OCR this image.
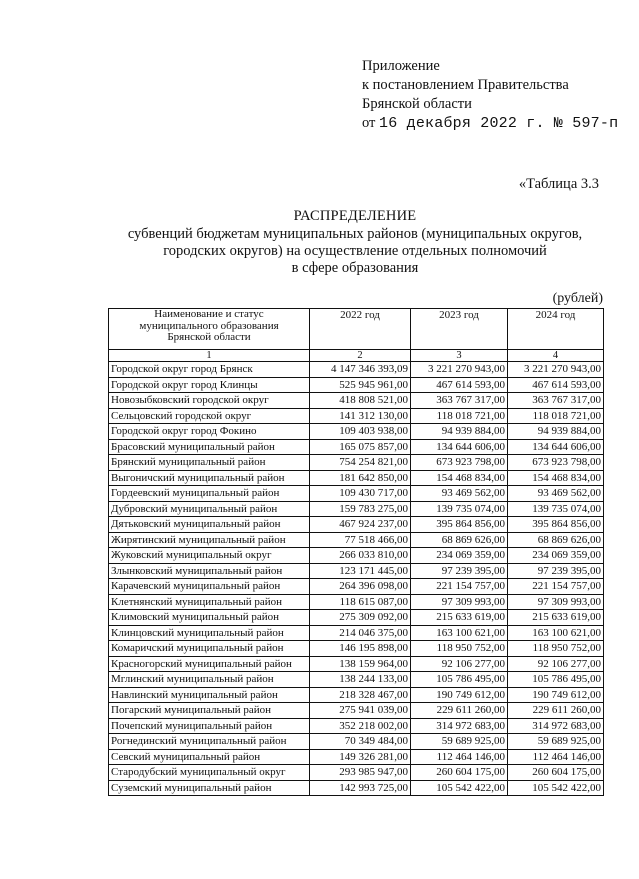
Приложение
к постановлением Правительства
Брянской области
от 16 декабря 2022 г. № 597-п
«Таблица 3.3
РАСПРЕДЕЛЕНИЕ
субвенций бюджетам муниципальных районов (муниципальных округов,
городских округов) на осуществление отдельных полномочий
в сфере образования
(рублей)
Наименование и статус
муниципального образования
Брянской области	2022 год	2023 год	2024 год
1	2	3	4
Городской округ город Брянск	4 147 346 393,09	3 221 270 943,00	3 221 270 943,00
Городской округ город Клинцы	525 945 961,00	467 614 593,00	467 614 593,00
Новозыбковский городской округ	418 808 521,00	363 767 317,00	363 767 317,00
Сельцовский городской округ	141 312 130,00	118 018 721,00	118 018 721,00
Городской округ город Фокино	109 403 938,00	94 939 884,00	94 939 884,00
Брасовский муниципальный район	165 075 857,00	134 644 606,00	134 644 606,00
Брянский муниципальный район	754 254 821,00	673 923 798,00	673 923 798,00
Выгоничский муниципальный район	181 642 850,00	154 468 834,00	154 468 834,00
Гордеевский муниципальный район	109 430 717,00	93 469 562,00	93 469 562,00
Дубровский муниципальный район	159 783 275,00	139 735 074,00	139 735 074,00
Дятьковский муниципальный район	467 924 237,00	395 864 856,00	395 864 856,00
Жирятинский муниципальный район	77 518 466,00	68 869 626,00	68 869 626,00
Жуковский муниципальный округ	266 033 810,00	234 069 359,00	234 069 359,00
Злынковский муниципальный район	123 171 445,00	97 239 395,00	97 239 395,00
Карачевский муниципальный район	264 396 098,00	221 154 757,00	221 154 757,00
Клетнянский муниципальный район	118 615 087,00	97 309 993,00	97 309 993,00
Климовский муниципальный район	275 309 092,00	215 633 619,00	215 633 619,00
Клинцовский муниципальный район	214 046 375,00	163 100 621,00	163 100 621,00
Комаричский муниципальный район	146 195 898,00	118 950 752,00	118 950 752,00
Красногорский муниципальный район	138 159 964,00	92 106 277,00	92 106 277,00
Мглинский муниципальный район	138 244 133,00	105 786 495,00	105 786 495,00
Навлинский муниципальный район	218 328 467,00	190 749 612,00	190 749 612,00
Погарский муниципальный район	275 941 039,00	229 611 260,00	229 611 260,00
Почепский муниципальный район	352 218 002,00	314 972 683,00	314 972 683,00
Рогнединский муниципальный район	70 349 484,00	59 689 925,00	59 689 925,00
Севский муниципальный район	149 326 281,00	112 464 146,00	112 464 146,00
Стародубский муниципальный округ	293 985 947,00	260 604 175,00	260 604 175,00
Суземский муниципальный район	142 993 725,00	105 542 422,00	105 542 422,00
